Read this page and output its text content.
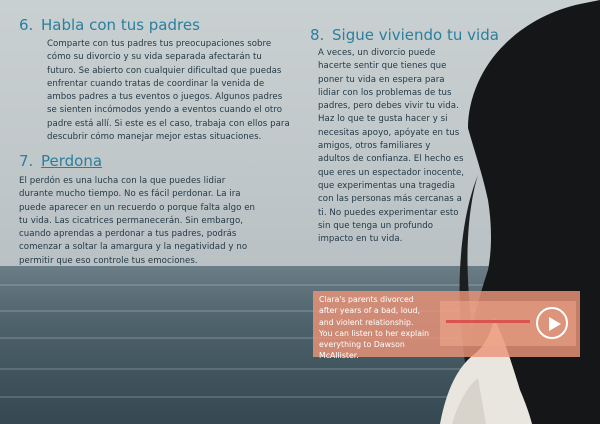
6. Habla con tus padres

Comparte con tus padres tus preocupaciones sobre

cómo su divorcio y su vida separada afectarán tu

futuro. Se abierto con cualquier dificultad que puedas

enfrentar cuando tratas de coordinar la venida de

ambos padres a tus eventos o juegos. Algunos padres

se sienten incómodos yendo a eventos cuando el otro

padre está allí. Si este es el caso, trabaja con ellos para

descubrir cómo manejar mejor estas situaciones.

7. Perdona

El perdón es una lucha con la que puedes lidiar

durante mucho tiempo. No es fácil perdonar. La ira

puede aparecer en un recuerdo o porque falta algo en

tu vida. Las cicatrices permanecerán. Sin embargo,

cuando aprendas a perdonar a tus padres, podrás

comenzar a soltar la amargura y la negatividad y no

permitir que eso controle tus emociones.

8. Sigue viviendo tu vida

A veces, un divorcio puede

hacerte sentir que tienes que

poner tu vida en espera para

lidiar con los problemas de tus

padres, pero debes vivir tu vida.

Haz lo que te gusta hacer y si

necesitas apoyo, apóyate en tus

amigos, otros familiares y

adultos de confianza. El hecho es

que eres un espectador inocente,

que experimentas una tragedia

con las personas más cercanas a

ti. No puedes experimentar esto

sin que tenga un profundo

impacto en tu vida.

Clara's parents divorced

after years of a bad, loud,

and violent relationship.

You can listen to her explain

everything to Dawson

McAllister.
